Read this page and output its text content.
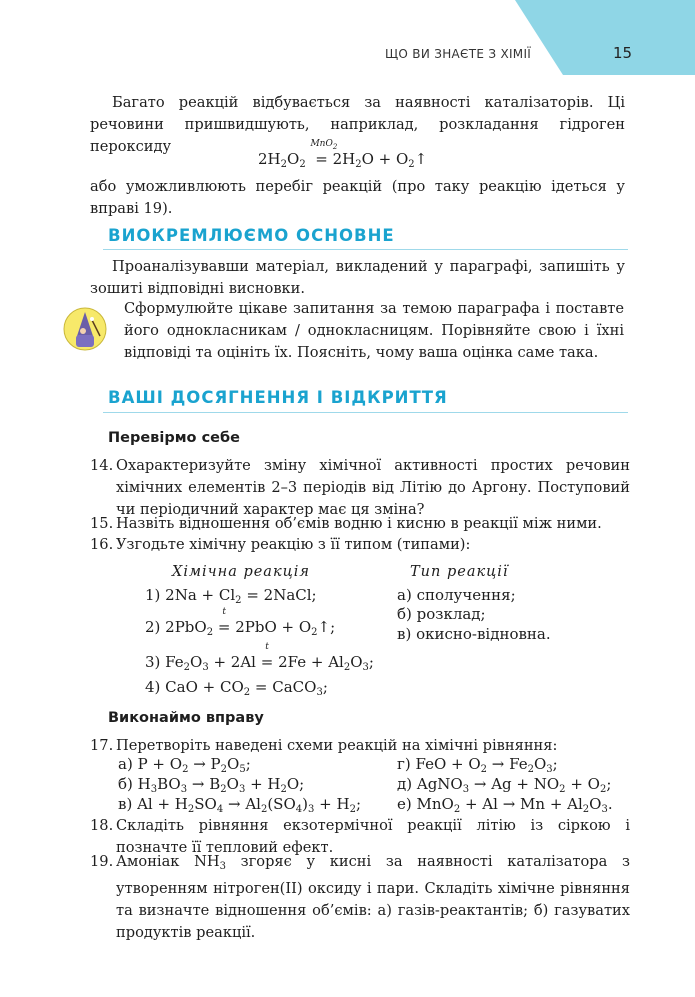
ЩО ВИ ЗНАЄТЕ З ХІМІЇ	15
Багато реакцій відбувається за наявності каталізаторів. Ці речовини пришвидшують, наприклад, розкладання гідроген пероксиду
$2H_2O_2$
MnO$_2$
= $2H_2O$ + $O_2↑$
або уможливлюють перебіг реакцій (про таку реакцію ідеться у вправі 19).
ВИОКРЕМЛЮЄМО ОСНОВНЕ
Проаналізувавши матеріал, викладений у параграфі, запишіть у зошиті відповідні висновки.
Сформулюйте цікаве запитання за темою параграфа і поставте його однокласникам / однокласницям. Порівняйте свою і їхні відповіді та оцініть їх. Поясніть, чому ваша оцінка саме така.
ВАШІ ДОСЯГНЕННЯ І ВІДКРИТТЯ
Перевірмо себе
14. Охарактеризуйте зміну хімічної активності простих речовин хімічних елементів 2–3 періодів від Літію до Аргону. Поступовий чи періодичний характер має ця зміна?
15. Назвіть відношення об’ємів водню і кисню в реакції між ними.
16. Узгодьте хімічну реакцію з її типом (типами):
Хімічна реакція	Тип реакції
1) $2Na + Cl_2$ = 2NaCl;
2) 2PbO$_2$
t
= $2PbO + O_2↑$;
3) $Fe_2O_3 + 2Al$
t
= $2Fe + Al_2O_3$;
4) CaO + $CO_2$ = CaCO$_3$;
а) сполучення;
б) розклад;
в) окисно-відновна.
Виконаймо вправу
17. Перетворіть наведені схеми реакцій на хімічні рівняння:
а) $P + O_2 \to P_2O_5$;
б) $H_3BO_3 \to B_2O_3 + H_2O$;
в) $Al + H_2SO_4 \to Al_2(SO_4)_3 + H_2$;
г) FeO + $O_2 \to Fe_2O_3$;
д) AgNO$_3$ → $Ag + NO_2 + O_2$;
е) $MnO_2 + Al \to Mn + Al_2O_3$.
18. Складіть рівняння екзотермічної реакції літію із сіркою і позначте її тепловий ефект.
19. Амоніак $NH_3$ згоряє у кисні за наявності каталізатора з утворенням нітроген(II) оксиду і пари. Складіть хімічне рівняння та визначте відношення об’ємів: а) газів-реактантів; б) газуватих продуктів реакції.
